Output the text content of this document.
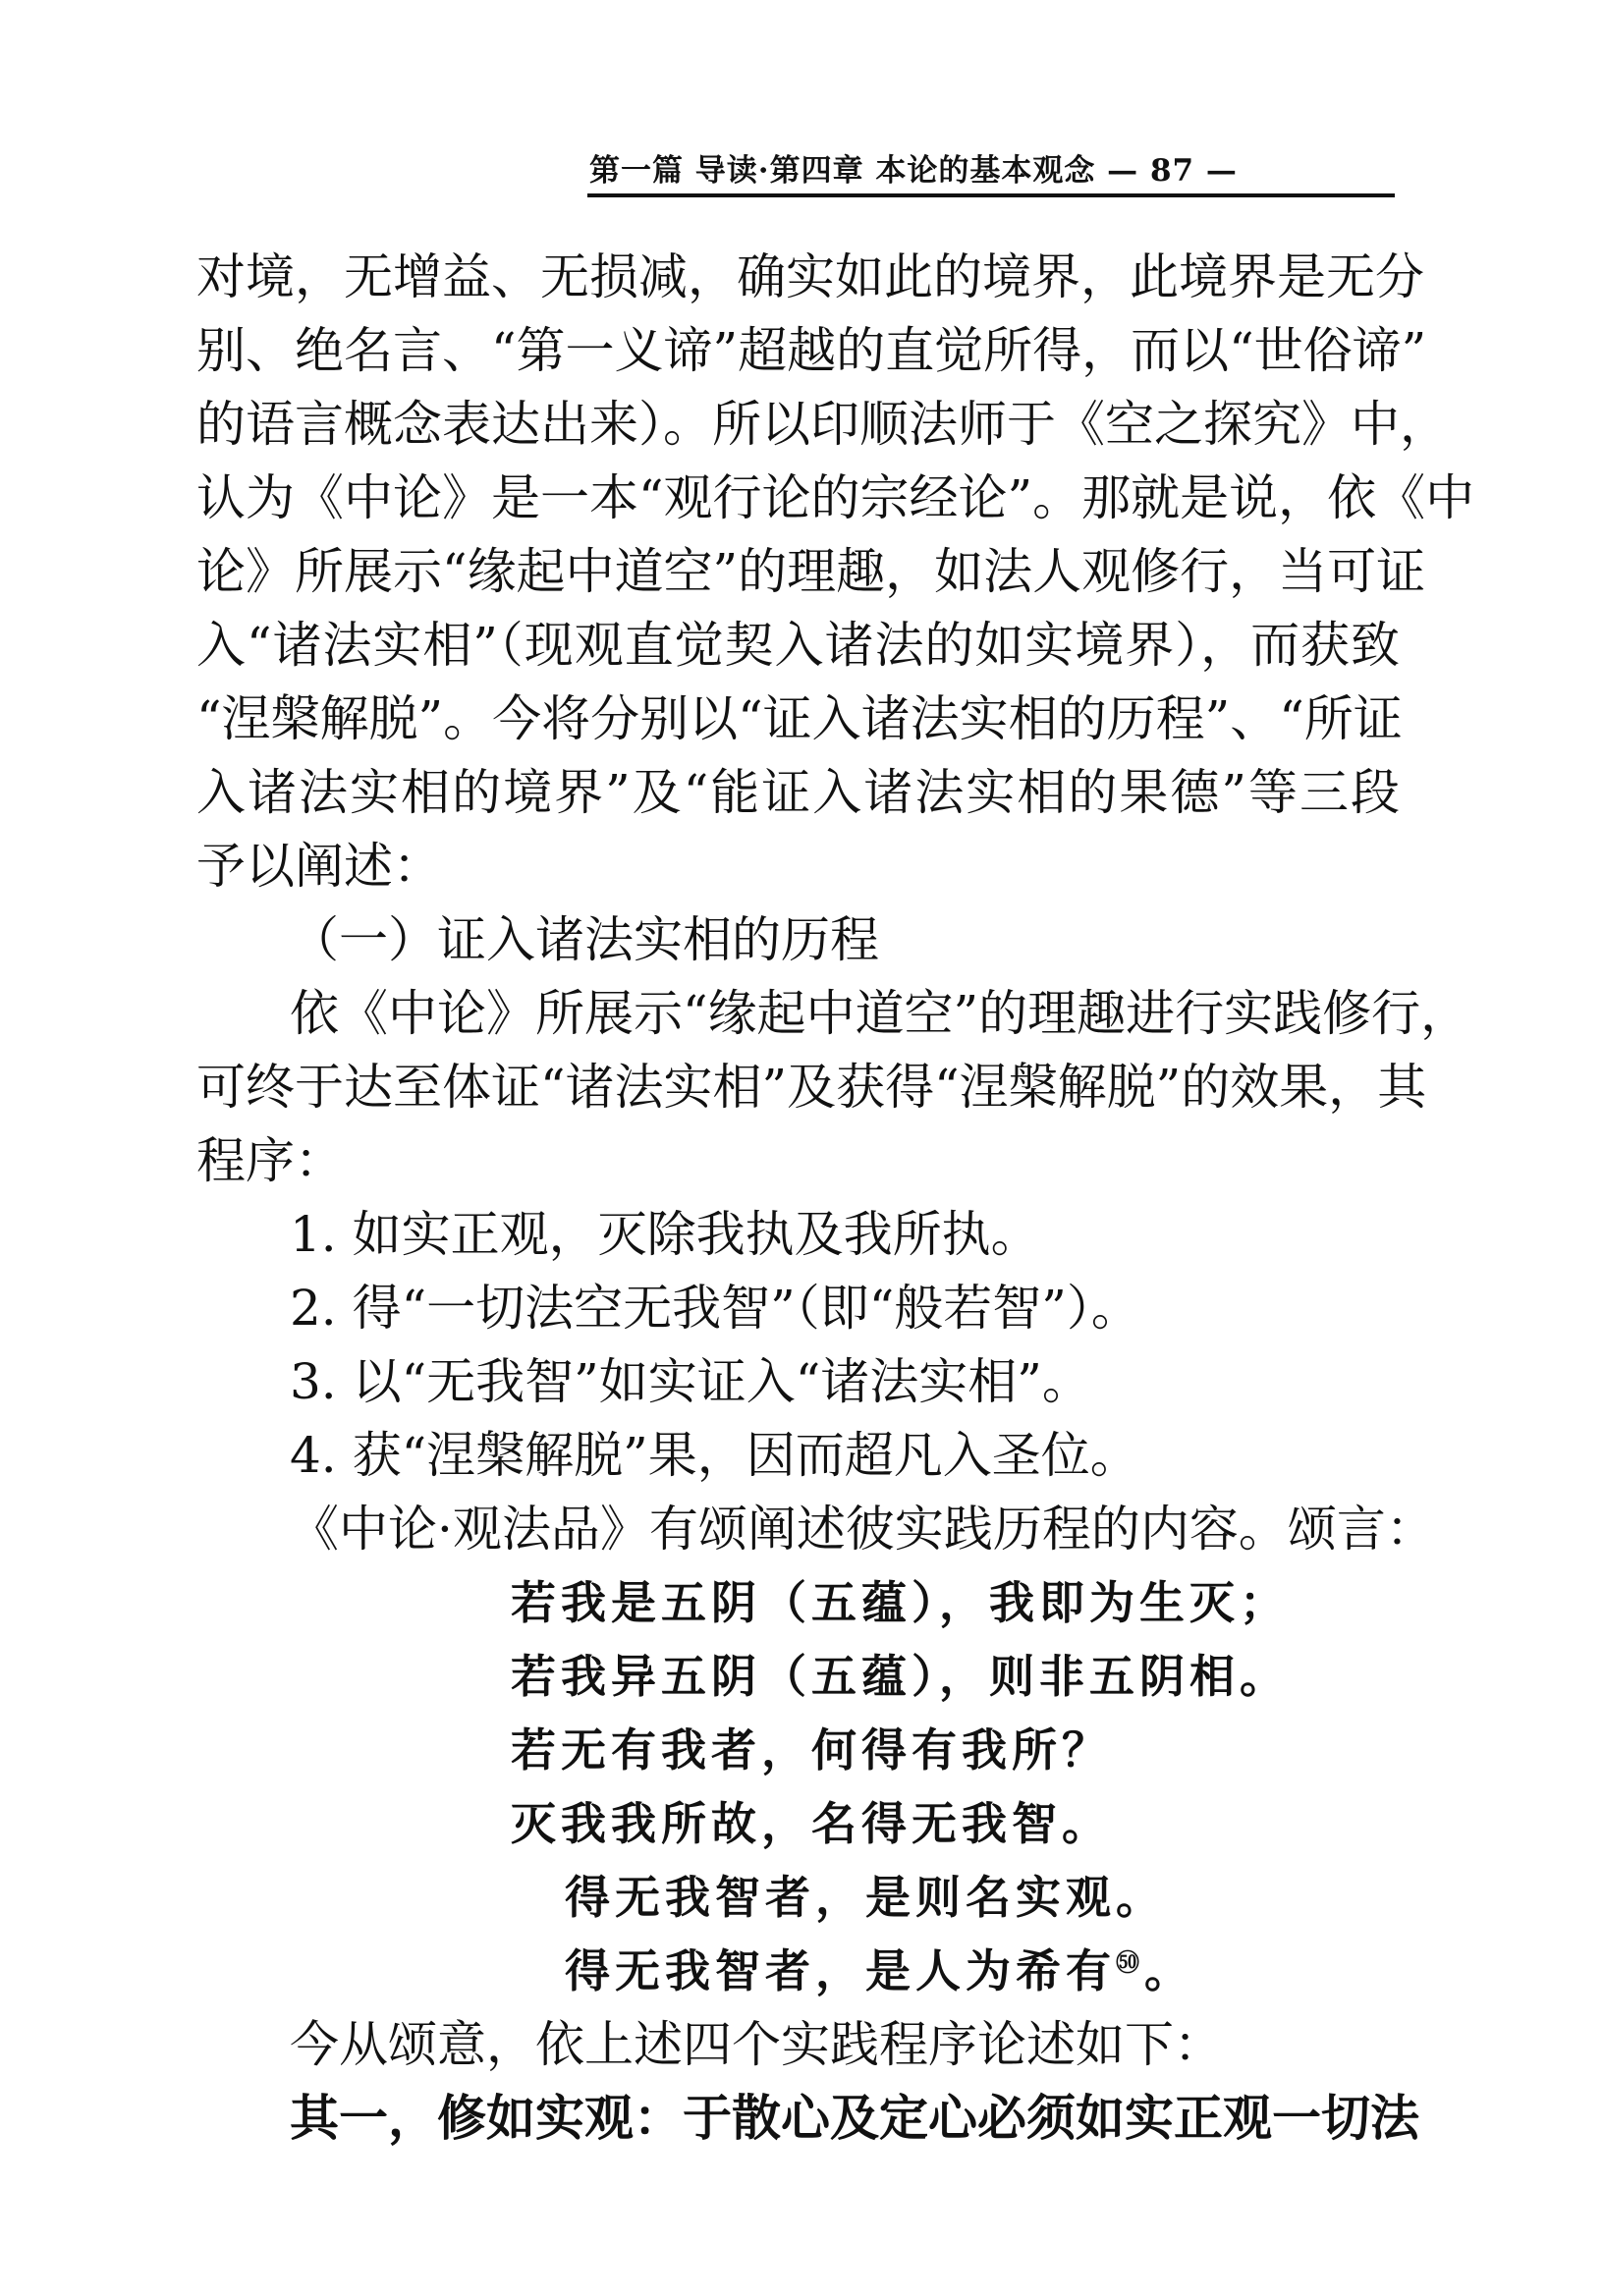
第一篇 导读·第四章 本论的基本观念 — 87 —
对境，无增益、无损减，确实如此的境界，此境界是无分
别、绝名言、“第一义谛”超越的直觉所得，而以“世俗谛”
的语言概念表达出来）。所以印顺法师于《空之探究》中，
认为《中论》是一本“观行论的宗经论”。那就是说，依《中
论》所展示“缘起中道空”的理趣，如法人观修行，当可证
入“诸法实相”（现观直觉契入诸法的如实境界），而获致
“涅槃解脱”。今将分别以“证入诸法实相的历程”、“所证
入诸法实相的境界”及“能证入诸法实相的果德”等三段
予以阐述：
（一）证入诸法实相的历程
依《中论》所展示“缘起中道空”的理趣进行实践修行，
可终于达至体证“诸法实相”及获得“涅槃解脱”的效果，其
程序：
1. 如实正观，灭除我执及我所执。
2. 得“一切法空无我智”（即“般若智”）。
3. 以“无我智”如实证入“诸法实相”。
4. 获“涅槃解脱”果，因而超凡入圣位。
《中论·观法品》有颂阐述彼实践历程的内容。颂言：
若我是五阴（五蕴），我即为生灭；
若我异五阴（五蕴），则非五阴相。
若无有我者，何得有我所？
灭我我所故，名得无我智。
得无我智者，是则名实观。
得无我智者，是人为希有$^㊿$。
今从颂意，依上述四个实践程序论述如下：
其一，修如实观：于散心及定心必须如实正观一切法
